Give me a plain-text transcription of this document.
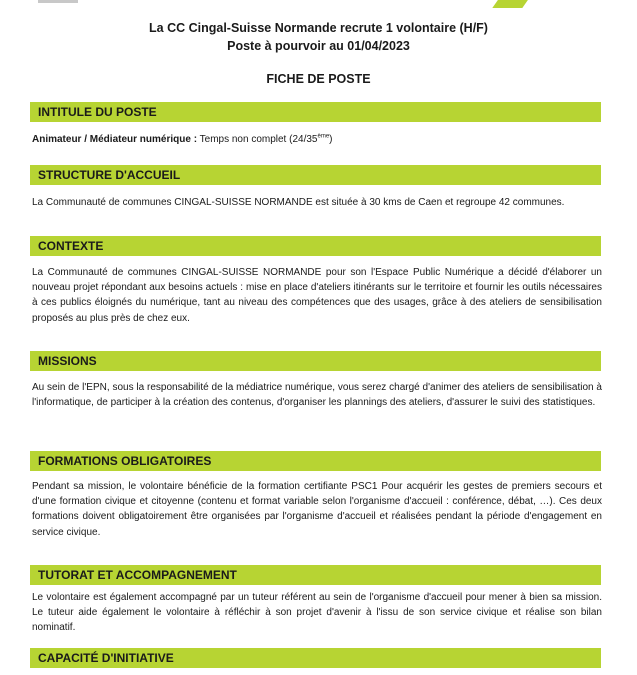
La CC Cingal-Suisse Normande recrute 1 volontaire (H/F)
Poste à pourvoir au 01/04/2023
FICHE DE POSTE
INTITULE DU POSTE
Animateur / Médiateur numérique : Temps non complet (24/35ème)
STRUCTURE D'ACCUEIL
La Communauté de communes CINGAL-SUISSE NORMANDE est située à 30 kms de Caen et regroupe 42 communes.
CONTEXTE
La Communauté de communes CINGAL-SUISSE NORMANDE pour son l'Espace Public Numérique a décidé d'élaborer un nouveau projet répondant aux besoins actuels : mise en place d'ateliers itinérants sur le territoire et fournir les outils nécessaires à ces publics éloignés du numérique, tant au niveau des compétences que des usages, grâce à des ateliers de sensibilisation proposés au plus près de chez eux.
MISSIONS
Au sein de l'EPN, sous la responsabilité de la médiatrice numérique, vous serez chargé d'animer des ateliers de sensibilisation à l'informatique, de participer à la création des contenus, d'organiser les plannings des ateliers, d'assurer le suivi des statistiques.
FORMATIONS OBLIGATOIRES
Pendant sa mission, le volontaire bénéficie de la formation certifiante PSC1 Pour acquérir les gestes de premiers secours et d'une formation civique et citoyenne (contenu et format variable selon l'organisme d'accueil : conférence, débat, …). Ces deux formations doivent obligatoirement être organisées par l'organisme d'accueil et réalisées pendant la période d'engagement en service civique.
TUTORAT ET ACCOMPAGNEMENT
Le volontaire est également accompagné par un tuteur référent au sein de l'organisme d'accueil pour mener à bien sa mission. Le tuteur aide également le volontaire à réfléchir à son projet d'avenir à l'issu de son service civique et réalise son bilan nominatif.
CAPACITÉ D'INITIATIVE
